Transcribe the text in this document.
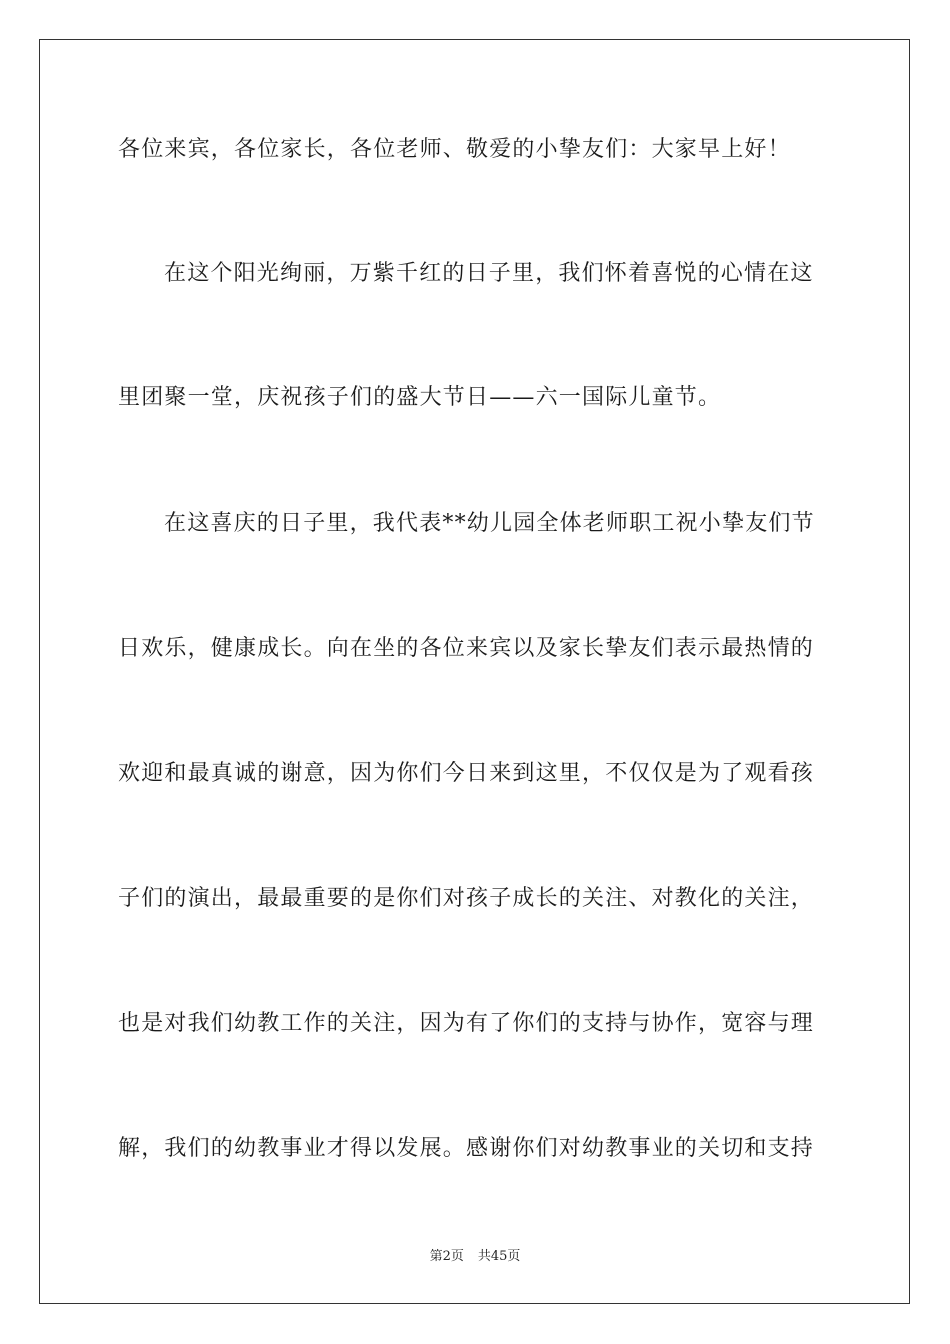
各位来宾，各位家长，各位老师、敬爱的小挚友们：大家早上好！
在这个阳光绚丽，万紫千红的日子里，我们怀着喜悦的心情在这
里团聚一堂，庆祝孩子们的盛大节日——六一国际儿童节。
在这喜庆的日子里，我代表**幼儿园全体老师职工祝小挚友们节
日欢乐，健康成长。向在坐的各位来宾以及家长挚友们表示最热情的
欢迎和最真诚的谢意，因为你们今日来到这里，不仅仅是为了观看孩
子们的演出，最最重要的是你们对孩子成长的关注、对教化的关注，
也是对我们幼教工作的关注，因为有了你们的支持与协作，宽容与理
解，我们的幼教事业才得以发展。感谢你们对幼教事业的关切和支持
第2页 共45页
